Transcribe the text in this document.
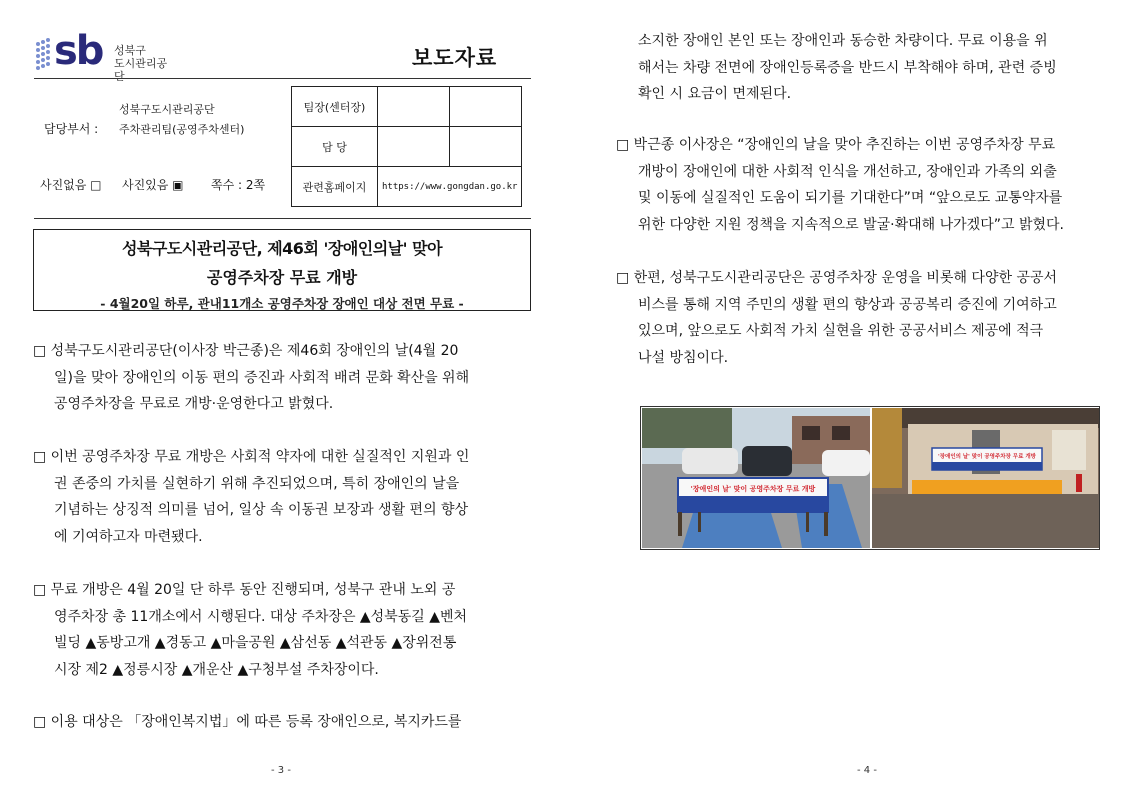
sb 성북구
도시관리공단
보도자료
담당부서 :
성북구도시관리공단
주차관리팀(공영주차센터)
사진없음 □ 사진있음 ▣ 쪽수 : 2쪽
팀장(센터장)		
담 당		
관련홈페이지	https://www.gongdan.go.kr	
성북구도시관리공단, 제46회 '장애인의날' 맞아
공영주차장 무료 개방
- 4월20일 하루, 관내11개소 공영주차장 장애인 대상 전면 무료 -
□ 성북구도시관리공단(이사장 박근종)은 제46회 장애인의 날(4월 20
일)을 맞아 장애인의 이동 편의 증진과 사회적 배려 문화 확산을 위해
공영주차장을 무료로 개방·운영한다고 밝혔다.
□ 이번 공영주차장 무료 개방은 사회적 약자에 대한 실질적인 지원과 인
권 존중의 가치를 실현하기 위해 추진되었으며, 특히 장애인의 날을
기념하는 상징적 의미를 넘어, 일상 속 이동권 보장과 생활 편의 향상
에 기여하고자 마련됐다.
□ 무료 개방은 4월 20일 단 하루 동안 진행되며, 성북구 관내 노외 공
영주차장 총 11개소에서 시행된다. 대상 주차장은 ▲성북동길 ▲벤처
빌딩 ▲동방고개 ▲경동고 ▲마을공원 ▲삼선동 ▲석관동 ▲장위전통
시장 제2 ▲정릉시장 ▲개운산 ▲구청부설 주차장이다.
□ 이용 대상은 「장애인복지법」에 따른 등록 장애인으로, 복지카드를
- 3 -
소지한 장애인 본인 또는 장애인과 동승한 차량이다. 무료 이용을 위
해서는 차량 전면에 장애인등록증을 반드시 부착해야 하며, 관련 증빙
확인 시 요금이 면제된다.
□ 박근종 이사장은 “장애인의 날을 맞아 추진하는 이번 공영주차장 무료
개방이 장애인에 대한 사회적 인식을 개선하고, 장애인과 가족의 외출
및 이동에 실질적인 도움이 되기를 기대한다”며 “앞으로도 교통약자를
위한 다양한 지원 정책을 지속적으로 발굴·확대해 나가겠다”고 밝혔다.
□ 한편, 성북구도시관리공단은 공영주차장 운영을 비롯해 다양한 공공서
비스를 통해 지역 주민의 생활 편의 향상과 공공복리 증진에 기여하고
있으며, 앞으로도 사회적 가치 실현을 위한 공공서비스 제공에 적극
나설 방침이다.
'장애인의 날' 맞이 공영주차장 무료 개방
'장애인의 날' 맞이 공영주차장 무료 개방
- 4 -
